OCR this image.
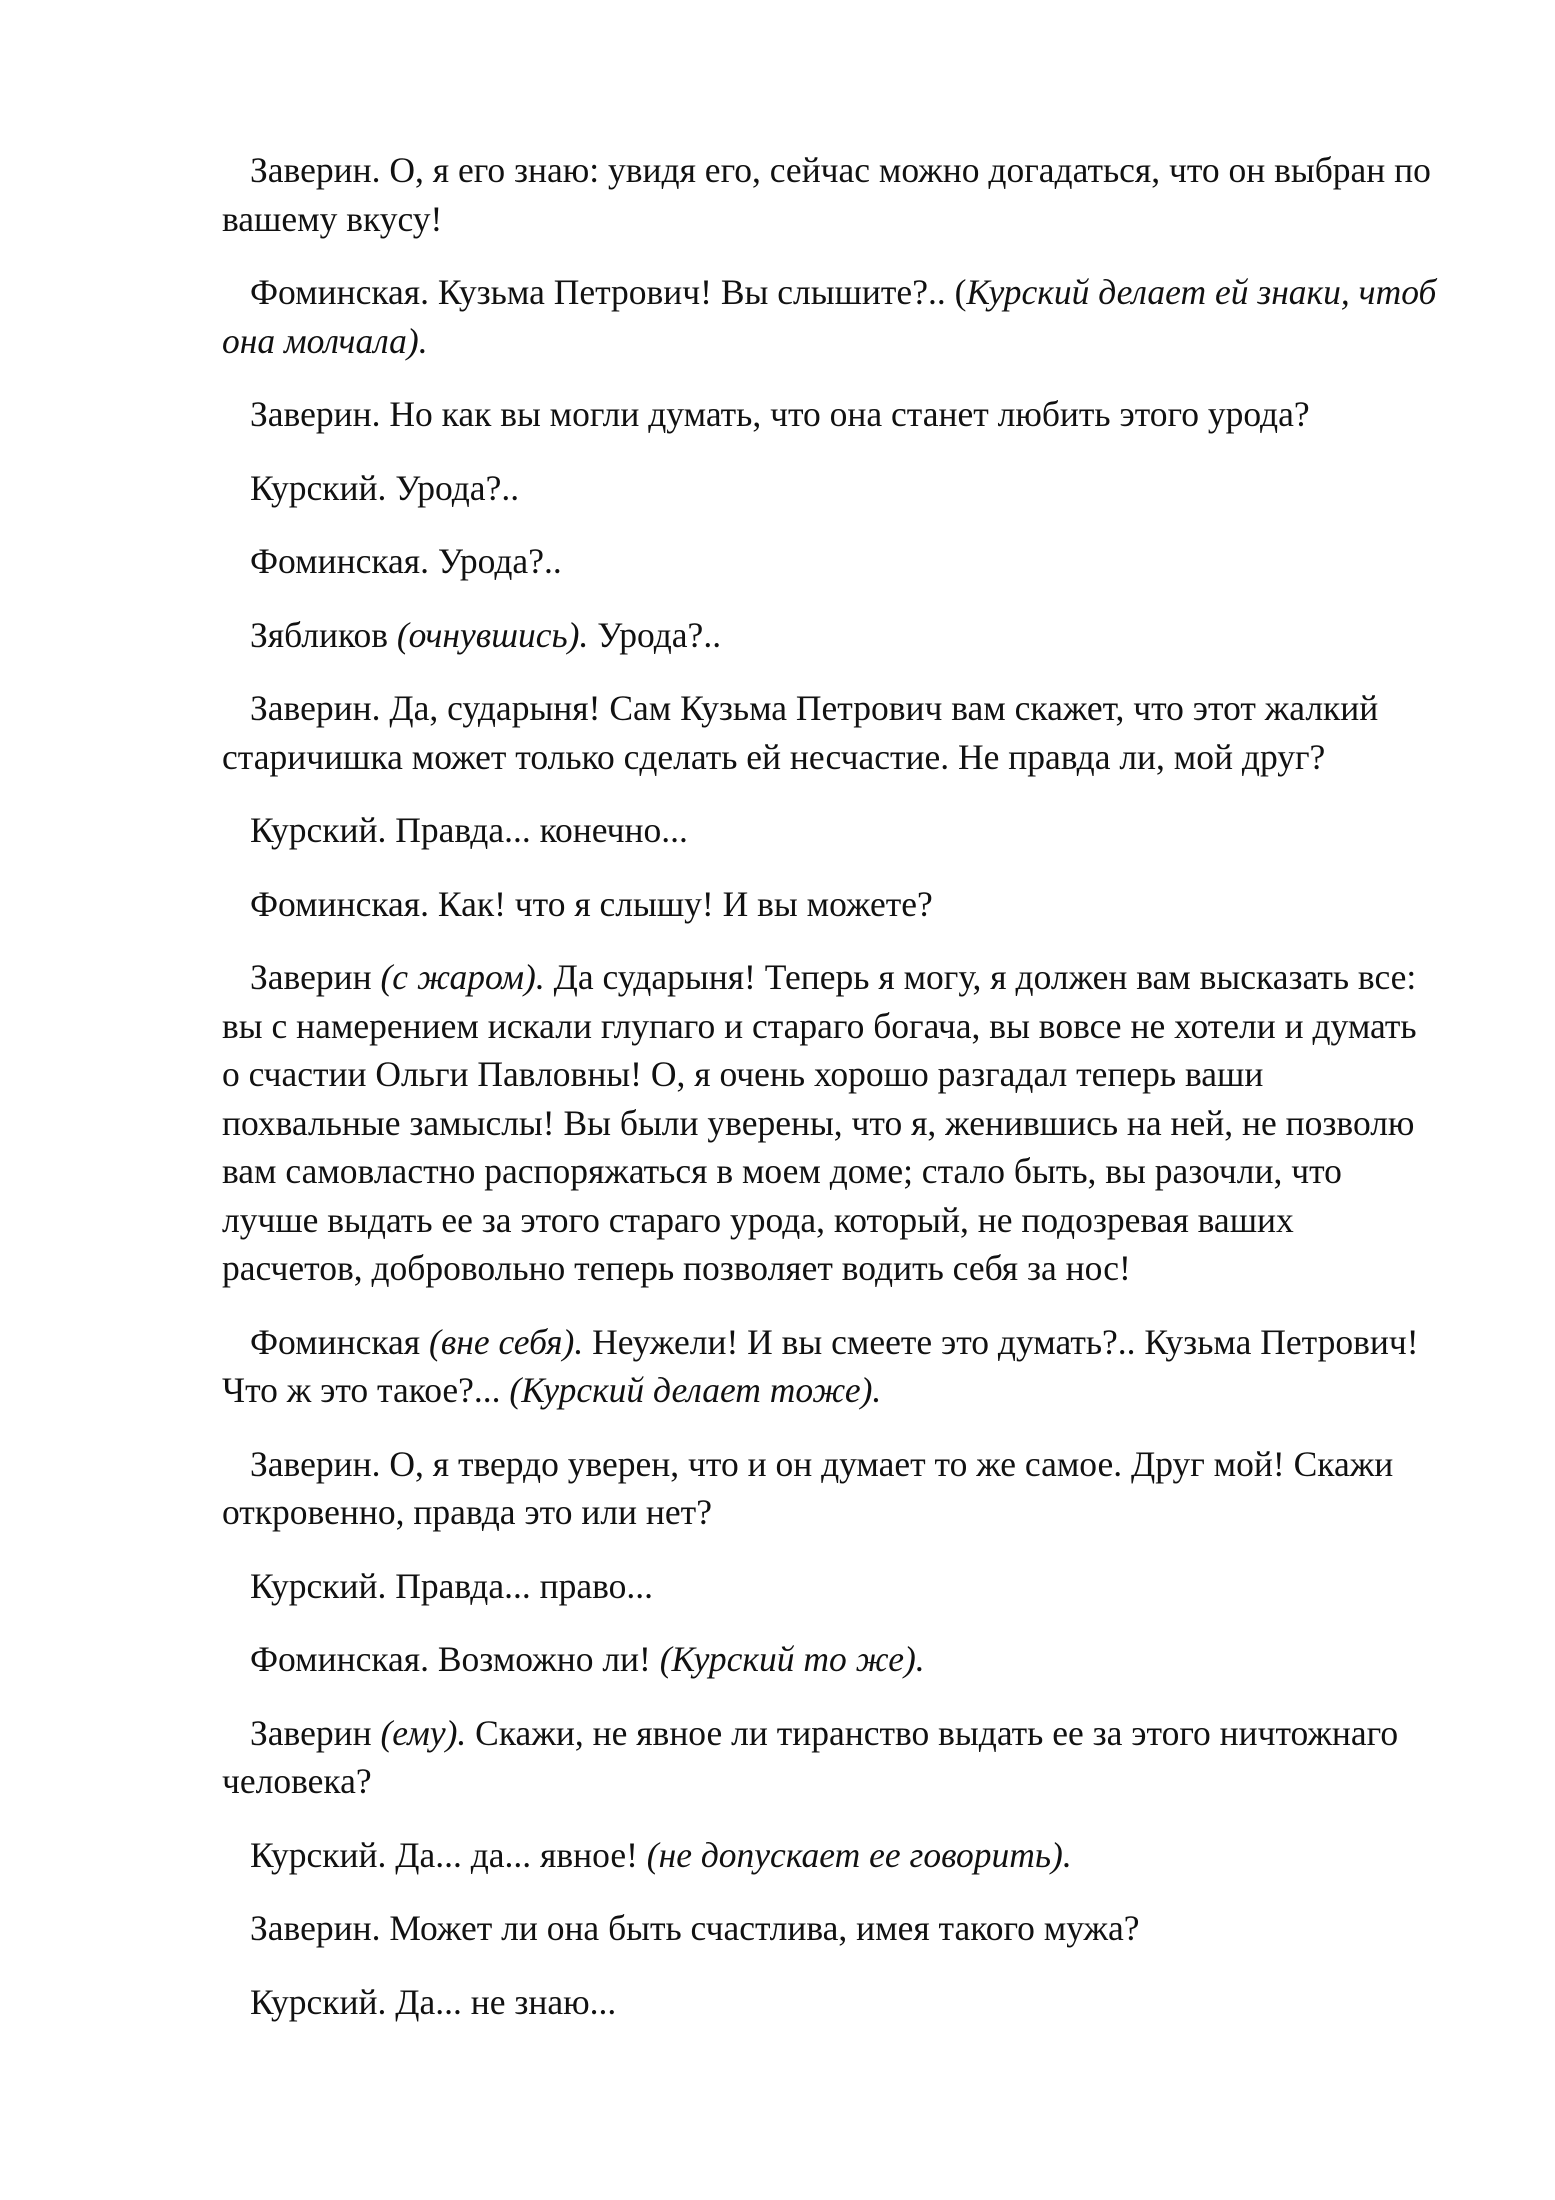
Заверин. О, я его знаю: увидя его, сейчас можно догадаться, что он выбран по вашему вкусу!

Фоминская. Кузьма Петрович! Вы слышите?.. (Курский делает ей знаки, чтоб она молчала).

Заверин. Но как вы могли думать, что она станет любить этого урода?

Курский. Урода?..

Фоминская. Урода?..

Зябликов (очнувшись). Урода?..

Заверин. Да, сударыня! Сам Кузьма Петрович вам скажет, что этот жалкий старичишка может только сделать ей несчастие. Не правда ли, мой друг?

Курский. Правда... конечно...

Фоминская. Как! что я слышу! И вы можете?

Заверин (с жаром). Да сударыня! Теперь я могу, я должен вам высказать все: вы с намерением искали глупаго и стараго богача, вы вовсе не хотели и думать о счастии Ольги Павловны! О, я очень хорошо разгадал теперь ваши похвальные замыслы! Вы были уверены, что я, женившись на ней, не позволю вам самовластно распоряжаться в моем доме; стало быть, вы разочли, что лучше выдать ее за этого стараго урода, который, не подозревая ваших расчетов, добровольно теперь позволяет водить себя за нос!

Фоминская (вне себя). Неужели! И вы смеете это думать?.. Кузьма Петрович! Что ж это такое?... (Курский делает тоже).

Заверин. О, я твердо уверен, что и он думает то же самое. Друг мой! Скажи откровенно, правда это или нет?

Курский. Правда... право...

Фоминская. Возможно ли! (Курский то же).

Заверин (ему). Скажи, не явное ли тиранство выдать ее за этого ничтожнаго человека?

Курский. Да... да... явное! (не допускает ее говорить).

Заверин. Может ли она быть счастлива, имея такого мужа?

Курский. Да... не знаю...
